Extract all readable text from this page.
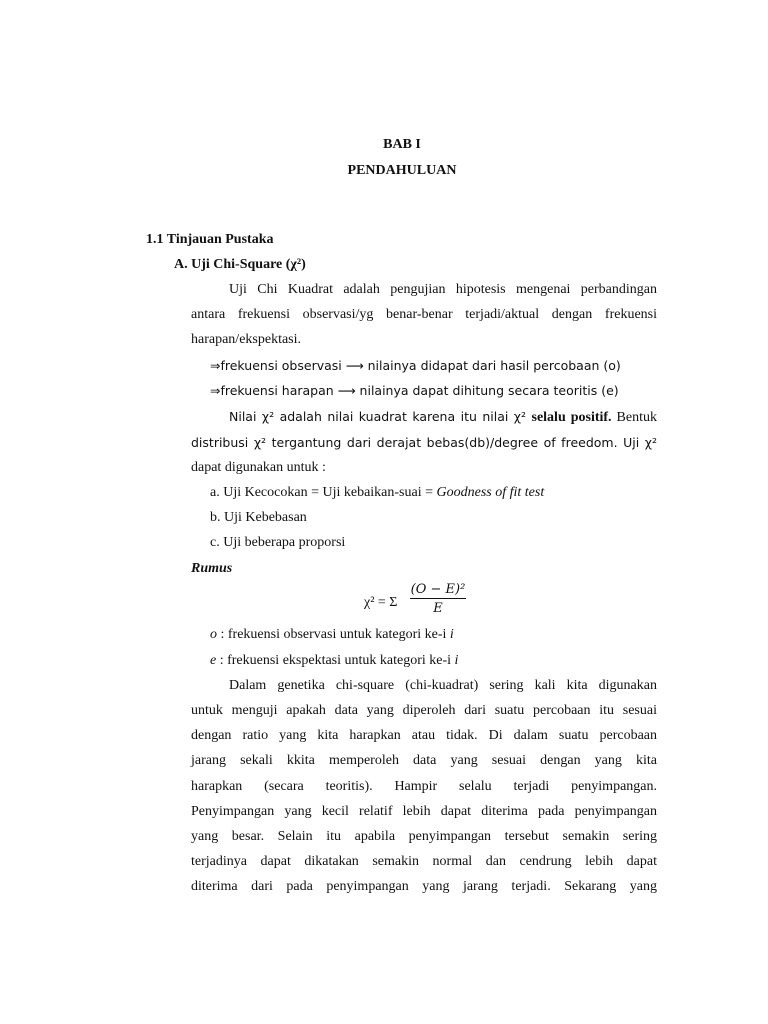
BAB I
PENDAHULUAN
1.1 Tinjauan Pustaka
A. Uji Chi-Square (χ²)
Uji Chi Kuadrat adalah pengujian hipotesis mengenai perbandingan
antara frekuensi observasi/yg benar-benar terjadi/aktual dengan frekuensi
harapan/ekspektasi.
⇒frekuensi observasi ⟶ nilainya didapat dari hasil percobaan (o)
⇒frekuensi harapan ⟶ nilainya dapat dihitung secara teoritis (e)
Nilai χ² adalah nilai kuadrat karena itu nilai χ² selalu positif. Bentuk
distribusi χ² tergantung dari derajat bebas(db)/degree of freedom. Uji χ²
dapat digunakan untuk :
a. Uji Kecocokan = Uji kebaikan-suai = Goodness of fit test
b. Uji Kebebasan
c. Uji beberapa proporsi
Rumus
χ² = Σ $\frac{\text{(O − E)²}}{E}$
o : frekuensi observasi untuk kategori ke-i i
e : frekuensi ekspektasi untuk kategori ke-i i
Dalam genetika chi-square (chi-kuadrat) sering kali kita digunakan
untuk menguji apakah data yang diperoleh dari suatu percobaan itu sesuai
dengan ratio yang kita harapkan atau tidak. Di dalam suatu percobaan
jarang sekali kkita memperoleh data yang sesuai dengan yang kita
harapkan (secara teoritis). Hampir selalu terjadi penyimpangan.
Penyimpangan yang kecil relatif lebih dapat diterima pada penyimpangan
yang besar. Selain itu apabila penyimpangan tersebut semakin sering
terjadinya dapat dikatakan semakin normal dan cendrung lebih dapat
diterima dari pada penyimpangan yang jarang terjadi. Sekarang yang
